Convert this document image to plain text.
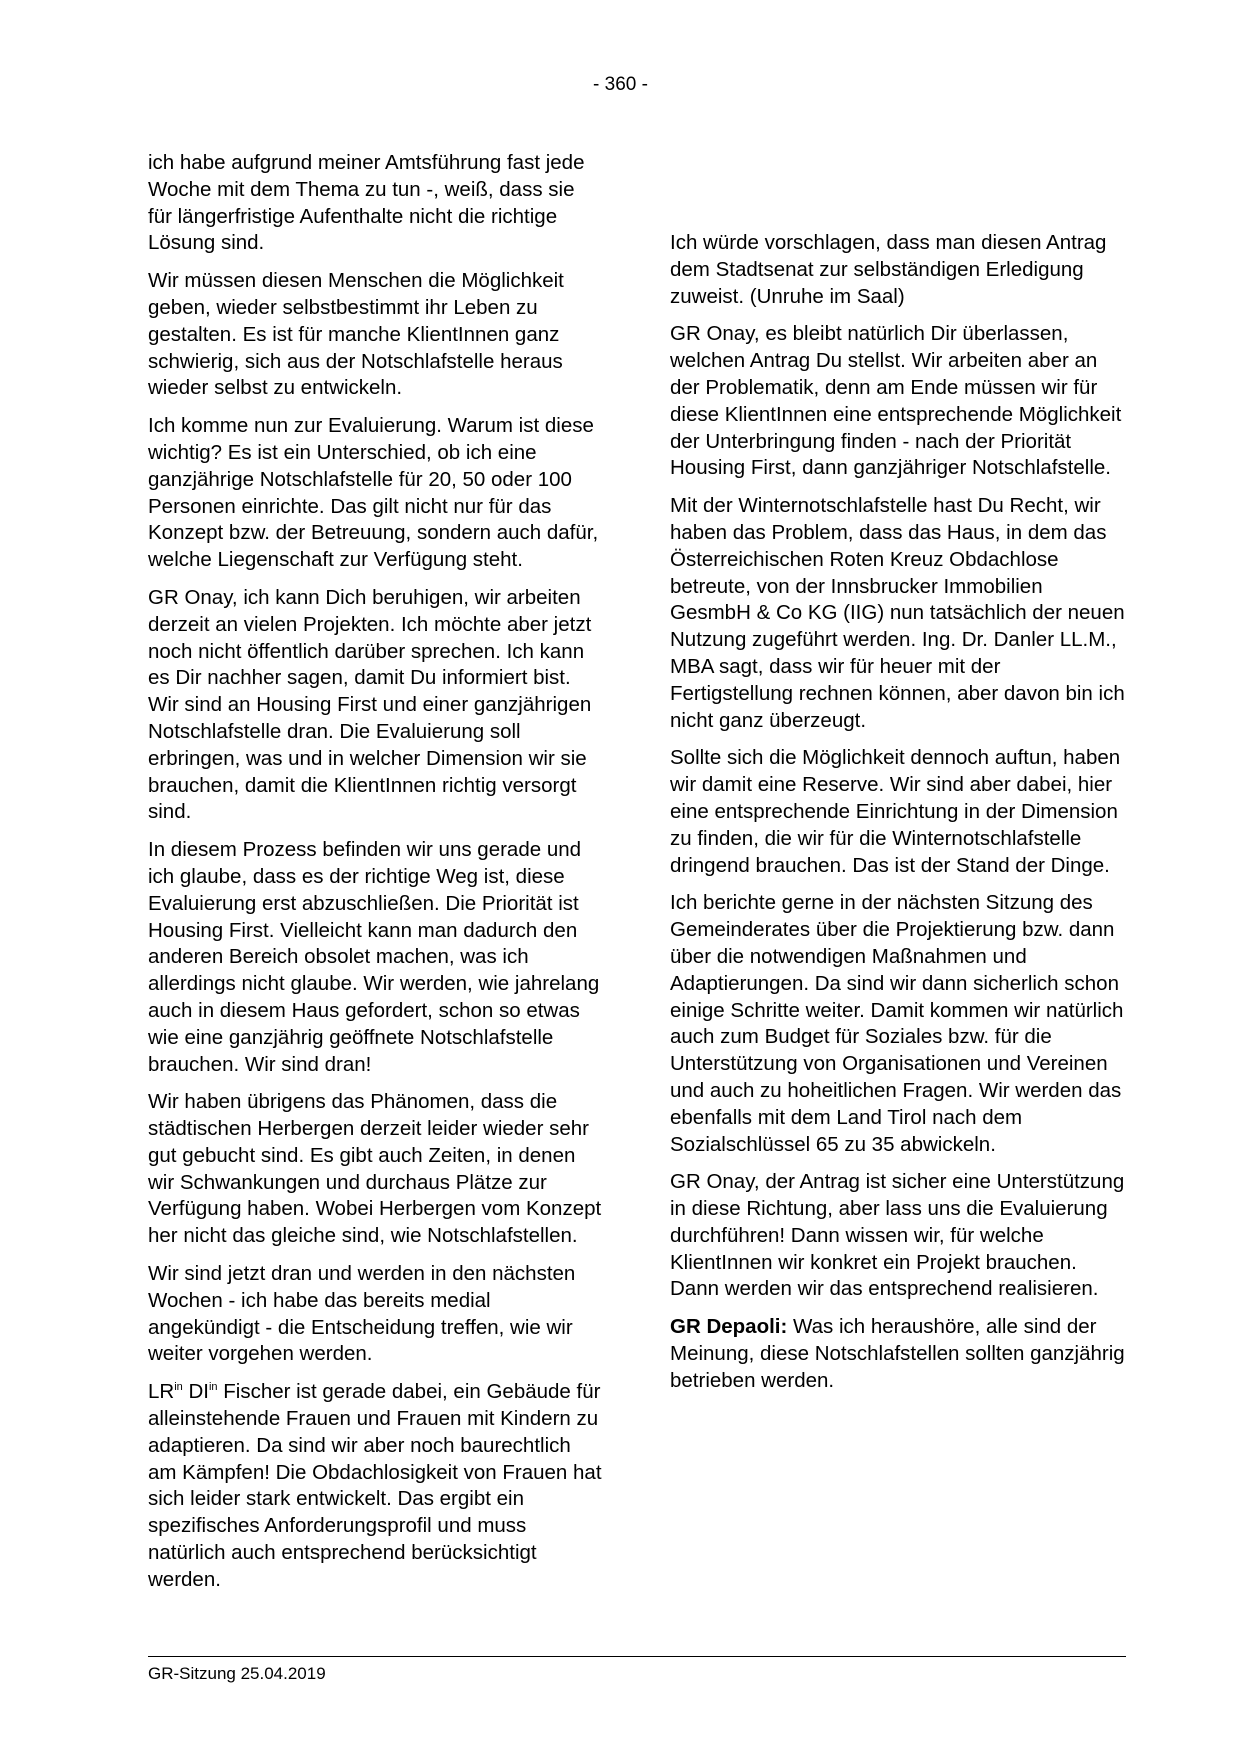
- 360 -

ich habe aufgrund meiner Amtsführung fast jede Woche mit dem Thema zu tun -, weiß, dass sie für längerfristige Aufenthalte nicht die richtige Lösung sind.

Wir müssen diesen Menschen die Möglichkeit geben, wieder selbstbestimmt ihr Leben zu gestalten. Es ist für manche KlientInnen ganz schwierig, sich aus der Notschlafstelle heraus wieder selbst zu entwickeln.

Ich komme nun zur Evaluierung. Warum ist diese wichtig? Es ist ein Unterschied, ob ich eine ganzjährige Notschlafstelle für 20, 50 oder 100 Personen einrichte. Das gilt nicht nur für das Konzept bzw. der Betreuung, sondern auch dafür, welche Liegenschaft zur Verfügung steht.

GR Onay, ich kann Dich beruhigen, wir arbeiten derzeit an vielen Projekten. Ich möchte aber jetzt noch nicht öffentlich darüber sprechen. Ich kann es Dir nachher sagen, damit Du informiert bist. Wir sind an Housing First und einer ganzjährigen Notschlafstelle dran. Die Evaluierung soll erbringen, was und in welcher Dimension wir sie brauchen, damit die KlientInnen richtig versorgt sind.

In diesem Prozess befinden wir uns gerade und ich glaube, dass es der richtige Weg ist, diese Evaluierung erst abzuschließen. Die Priorität ist Housing First. Vielleicht kann man dadurch den anderen Bereich obsolet machen, was ich allerdings nicht glaube. Wir werden, wie jahrelang auch in diesem Haus gefordert, schon so etwas wie eine ganzjährig geöffnete Notschlafstelle brauchen. Wir sind dran!

Wir haben übrigens das Phänomen, dass die städtischen Herbergen derzeit leider wieder sehr gut gebucht sind. Es gibt auch Zeiten, in denen wir Schwankungen und durchaus Plätze zur Verfügung haben. Wobei Herbergen vom Konzept her nicht das gleiche sind, wie Notschlafstellen.

Wir sind jetzt dran und werden in den nächsten Wochen - ich habe das bereits medial angekündigt - die Entscheidung treffen, wie wir weiter vorgehen werden.

$LR^{in}$ $DI^{in}$ Fischer ist gerade dabei, ein Gebäude für alleinstehende Frauen und Frauen mit Kindern zu adaptieren. Da sind wir aber noch baurechtlich am Kämpfen! Die Obdachlosigkeit von Frauen hat sich leider stark entwickelt. Das ergibt ein spezifisches Anforderungsprofil und muss natürlich auch entsprechend berücksichtigt werden.

Ich würde vorschlagen, dass man diesen Antrag dem Stadtsenat zur selbständigen Erledigung zuweist. (Unruhe im Saal)

GR Onay, es bleibt natürlich Dir überlassen, welchen Antrag Du stellst. Wir arbeiten aber an der Problematik, denn am Ende müssen wir für diese KlientInnen eine entsprechende Möglichkeit der Unterbringung finden - nach der Priorität Housing First, dann ganzjähriger Notschlafstelle.

Mit der Winternotschlafstelle hast Du Recht, wir haben das Problem, dass das Haus, in dem das Österreichischen Roten Kreuz Obdachlose betreute, von der Innsbrucker Immobilien GesmbH & Co KG (IIG) nun tatsächlich der neuen Nutzung zugeführt werden. Ing. Dr. Danler LL.M., MBA sagt, dass wir für heuer mit der Fertigstellung rechnen können, aber davon bin ich nicht ganz überzeugt.

Sollte sich die Möglichkeit dennoch auftun, haben wir damit eine Reserve. Wir sind aber dabei, hier eine entsprechende Einrichtung in der Dimension zu finden, die wir für die Winternotschlafstelle dringend brauchen. Das ist der Stand der Dinge.

Ich berichte gerne in der nächsten Sitzung des Gemeinderates über die Projektierung bzw. dann über die notwendigen Maßnahmen und Adaptierungen. Da sind wir dann sicherlich schon einige Schritte weiter. Damit kommen wir natürlich auch zum Budget für Soziales bzw. für die Unterstützung von Organisationen und Vereinen und auch zu hoheitlichen Fragen. Wir werden das ebenfalls mit dem Land Tirol nach dem Sozialschlüssel 65 zu 35 abwickeln.

GR Onay, der Antrag ist sicher eine Unterstützung in diese Richtung, aber lass uns die Evaluierung durchführen! Dann wissen wir, für welche KlientInnen wir konkret ein Projekt brauchen. Dann werden wir das entsprechend realisieren.

GR Depaoli: Was ich heraushöre, alle sind der Meinung, diese Notschlafstellen sollten ganzjährig betrieben werden.

GR-Sitzung 25.04.2019
